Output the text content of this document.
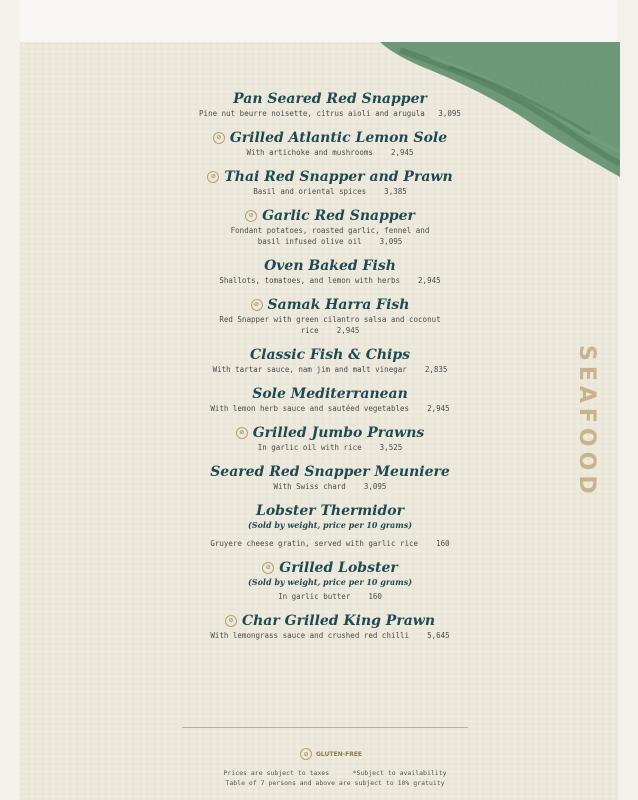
SEAFOOD
Pan Seared Red Snapper
Pine nut beurre noisette, citrus aioli and arugula   3,095
⊘ Grilled Atlantic Lemon Sole
With artichoke and mushrooms    2,945
⊘ Thai Red Snapper and Prawn
Basil and oriental spices    3,385
⊘ Garlic Red Snapper
Fondant potatoes, roasted garlic, fennel and
basil infused olive oil    3,095
Oven Baked Fish
Shallots, tomatoes, and lemon with herbs    2,945
⊘ Samak Harra Fish
Red Snapper with green cilantro salsa and coconut
rice    2,945
Classic Fish & Chips
With tartar sauce, nam jim and malt vinegar    2,835
Sole Mediterranean
With lemon herb sauce and sautéed vegetables    2,945
⊘ Grilled Jumbo Prawns
In garlic oil with rice    3,525
Seared Red Snapper Meuniere
With Swiss chard    3,095
Lobster Thermidor
(Sold by weight, price per 10 grams)
Gruyere cheese gratin, served with garlic rice    160
⊘ Grilled Lobster
(Sold by weight, price per 10 grams)
In garlic butter    160
⊘ Char Grilled King Prawn
With lemongrass sauce and crushed red chilli    5,645
⊘	GLUTEN-FREE
Prices are subject to taxes      *Subject to availability
Table of 7 persons and above are subject to 10% gratuity
